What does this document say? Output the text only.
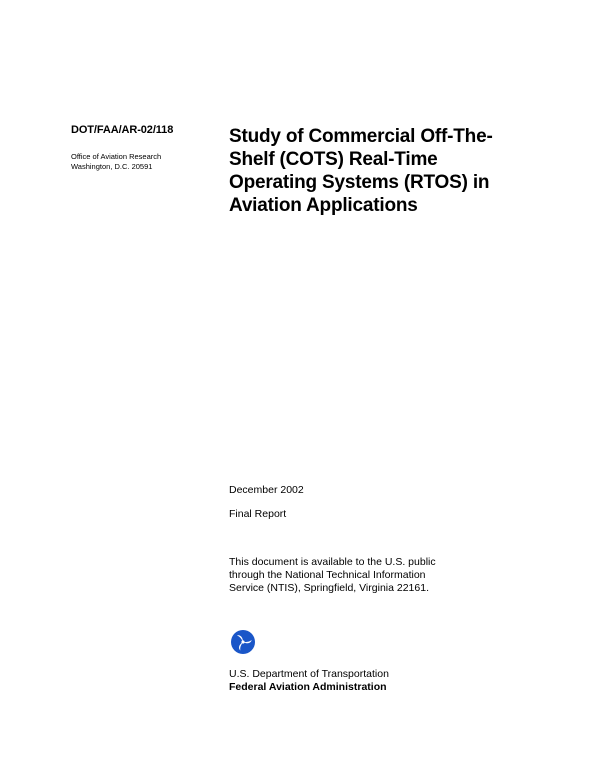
DOT/FAA/AR-02/118
Office of Aviation Research
Washington, D.C. 20591
Study of Commercial Off-The-
Shelf (COTS) Real-Time
Operating Systems (RTOS) in
Aviation Applications
December 2002
Final Report
This document is available to the U.S. public
through the National Technical Information
Service (NTIS), Springfield, Virginia 22161.
U.S. Department of Transportation
Federal Aviation Administration
